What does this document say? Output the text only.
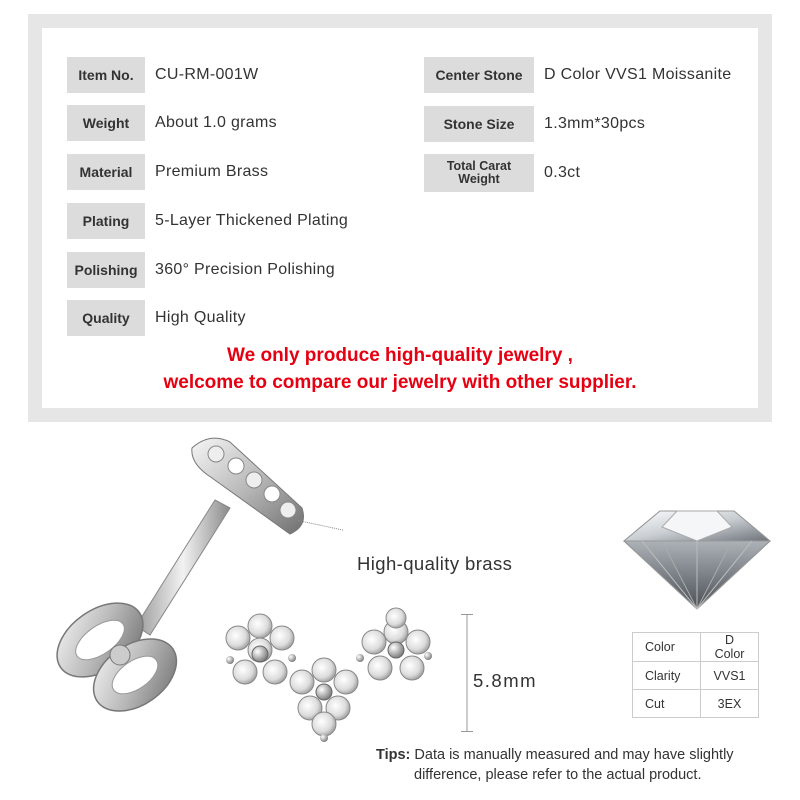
Item No.	CU-RM-001W
Weight	About 1.0 grams
Material	Premium Brass
Plating	5-Layer Thickened Plating
Polishing	360° Precision Polishing
Quality	High Quality
Center Stone	D Color VVS1 Moissanite
Stone Size	1.3mm*30pcs
Total Carat Weight	0.3ct
We only produce high-quality jewelry ,
welcome to compare our jewelry with other supplier.
High-quality brass
5.8mm
Color	D Color
Clarity	VVS1
Cut	3EX
Tips: Data is manually measured and may have slightly
difference, please refer to the actual product.
